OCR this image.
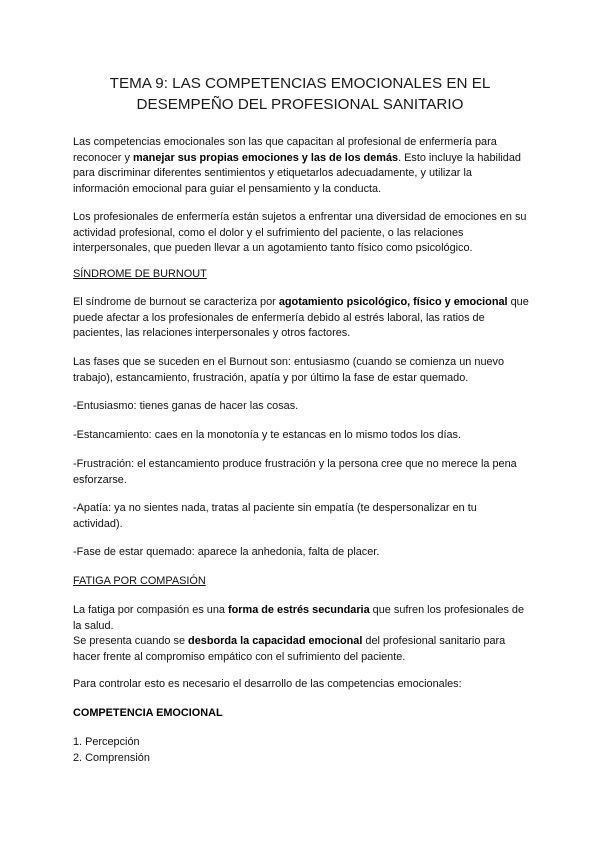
TEMA 9: LAS COMPETENCIAS EMOCIONALES EN EL
DESEMPEÑO DEL PROFESIONAL SANITARIO
Las competencias emocionales son las que capacitan al profesional de enfermería para reconocer y manejar sus propias emociones y las de los demás. Esto incluye la habilidad para discriminar diferentes sentimientos y etiquetarlos adecuadamente, y utilizar la información emocional para guiar el pensamiento y la conducta.
Los profesionales de enfermería están sujetos a enfrentar una diversidad de emociones en su actividad profesional, como el dolor y el sufrimiento del paciente, o las relaciones interpersonales, que pueden llevar a un agotamiento tanto físico como psicológico.
SÍNDROME DE BURNOUT
El síndrome de burnout se caracteriza por agotamiento psicológico, físico y emocional que puede afectar a los profesionales de enfermería debido al estrés laboral, las ratios de pacientes, las relaciones interpersonales y otros factores.
Las fases que se suceden en el Burnout son: entusiasmo (cuando se comienza un nuevo trabajo), estancamiento, frustración, apatía y por último la fase de estar quemado.
-Entusiasmo: tienes ganas de hacer las cosas.
-Estancamiento: caes en la monotonía y te estancas en lo mismo todos los días.
-Frustración: el estancamiento produce frustración y la persona cree que no merece la pena esforzarse.
-Apatía: ya no sientes nada, tratas al paciente sin empatía (te despersonalizar en tu actividad).
-Fase de estar quemado: aparece la anhedonia, falta de placer.
FATIGA POR COMPASIÓN
La fatiga por compasión es una forma de estrés secundaria que sufren los profesionales de la salud.
Se presenta cuando se desborda la capacidad emocional del profesional sanitario para hacer frente al compromiso empático con el sufrimiento del paciente.
Para controlar esto es necesario el desarrollo de las competencias emocionales:
COMPETENCIA EMOCIONAL
1. Percepción
2. Comprensión
